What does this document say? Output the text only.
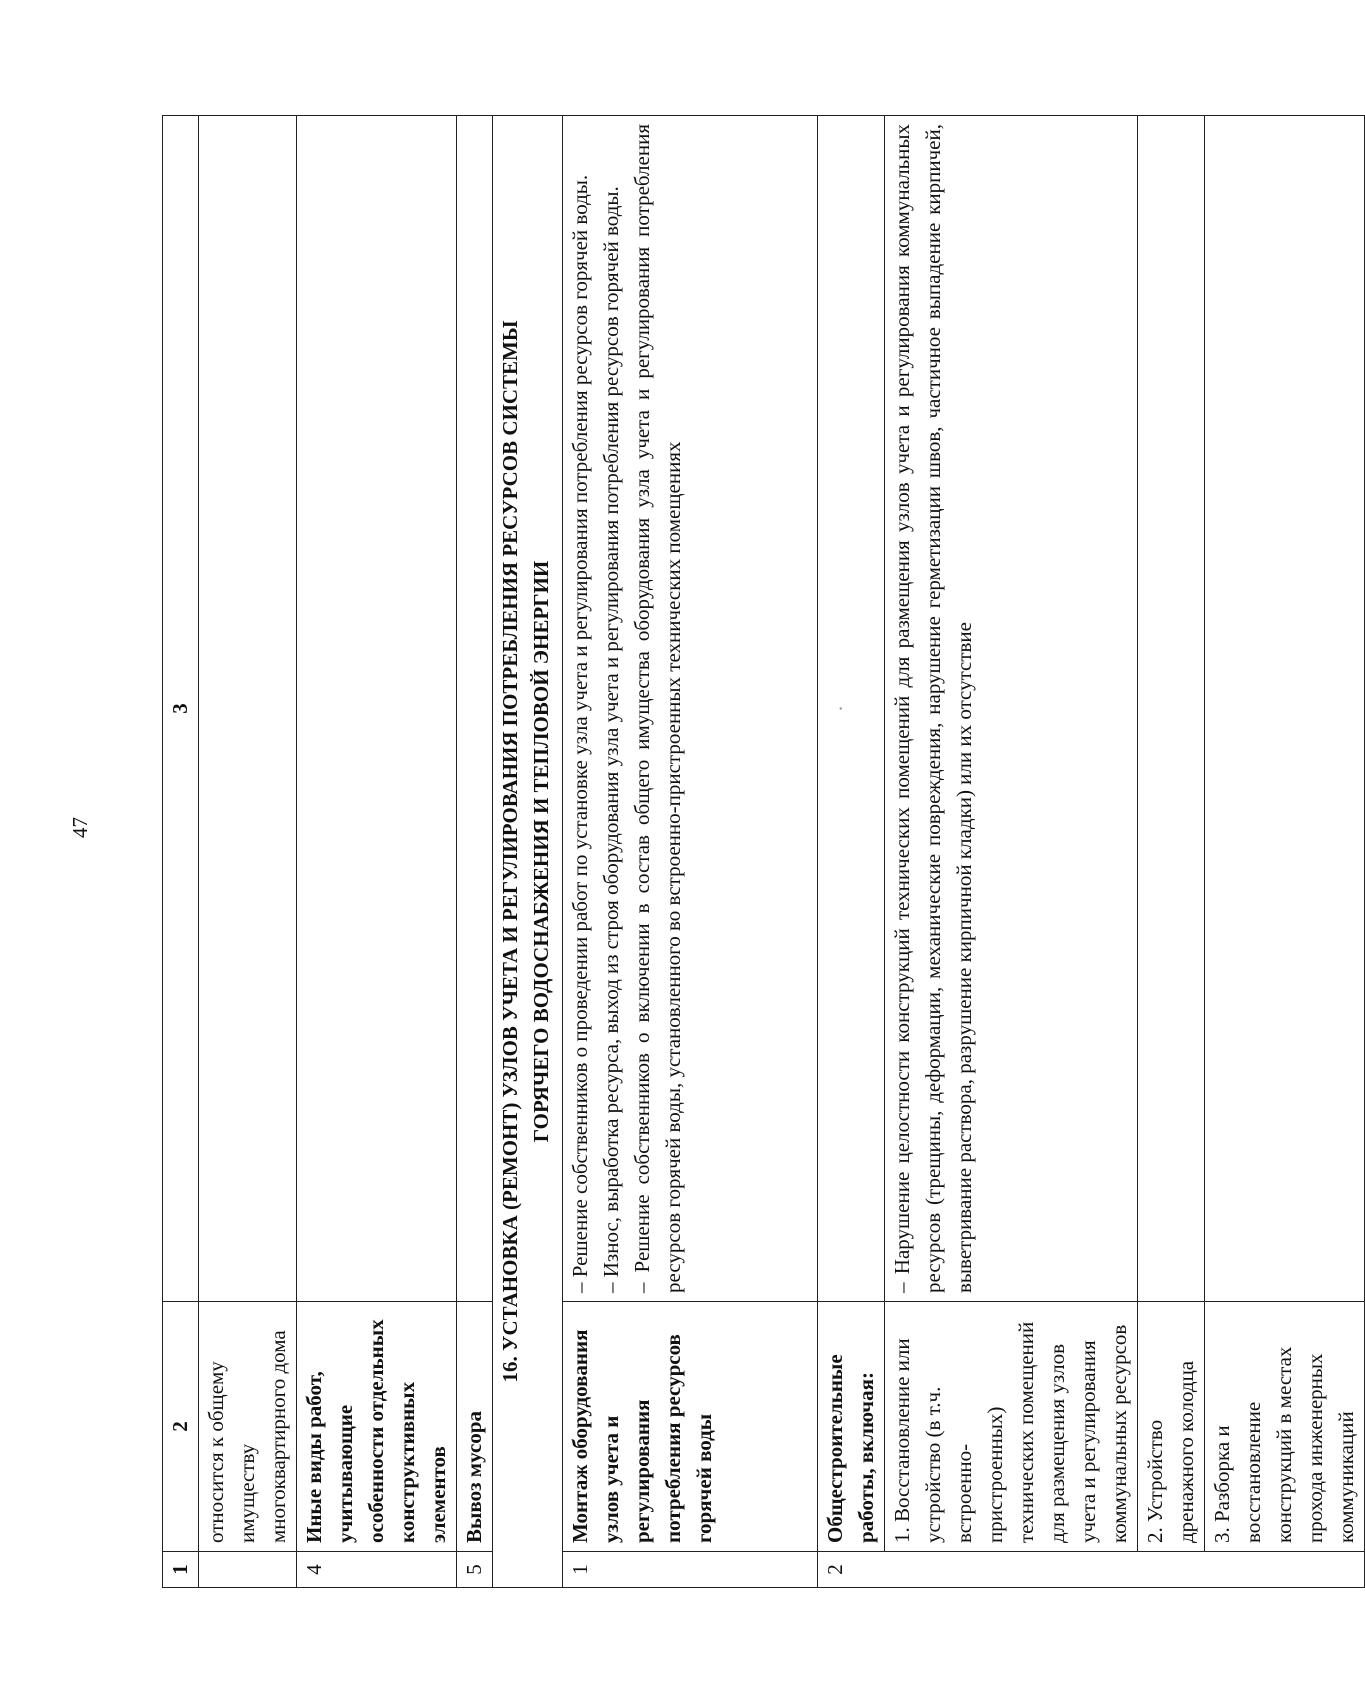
47
1	2	3
	относится к общему имуществу многоквартирного дома	
4	Иные виды работ, учитывающие особенности отдельных конструктивных элементов	
5	Вывоз мусора	

16. УСТАНОВКА (РЕМОНТ) УЗЛОВ УЧЕТА И РЕГУЛИРОВАНИЯ ПОТРЕБЛЕНИЯ РЕСУРСОВ СИСТЕМЫ ГОРЯЧЕГО ВОДОСНАБЖЕНИЯ И ТЕПЛОВОЙ ЭНЕРГИИ		

1	Монтаж оборудования узлов учета и регулирования потребления ресурсов горячей воды	– Решение собственников о проведении работ по установке узла учета и регулирования потребления ресурсов горячей воды. – Износ, выработка ресурса, выход из строя оборудования узла учета и регулирования потребления ресурсов горячей воды. – Решение собственников о включении в состав общего имущества оборудования узла учета и регулирования потребления ресурсов горячей воды, установленного во встроенно-пристроенных технических помещениях

2	Общестроительные работы, включая:	.
	1. Восстановление или устройство (в т.ч. встроенно-пристроенных) технических помещений для размещения узлов учета и регулирования коммунальных ресурсов	– Нарушение целостности конструкций технических помещений для размещения узлов учета и регулирования коммунальных ресурсов (трещины, деформации, механические повреждения, нарушение герметизации швов, частичное выпадение кирпичей, выветривание раствора, разрушение кирпичной кладки) или их отсутствие
	2. Устройство дренажного колодца	
	3. Разборка и восстановление конструкций в местах прохода инженерных коммуникаций	
